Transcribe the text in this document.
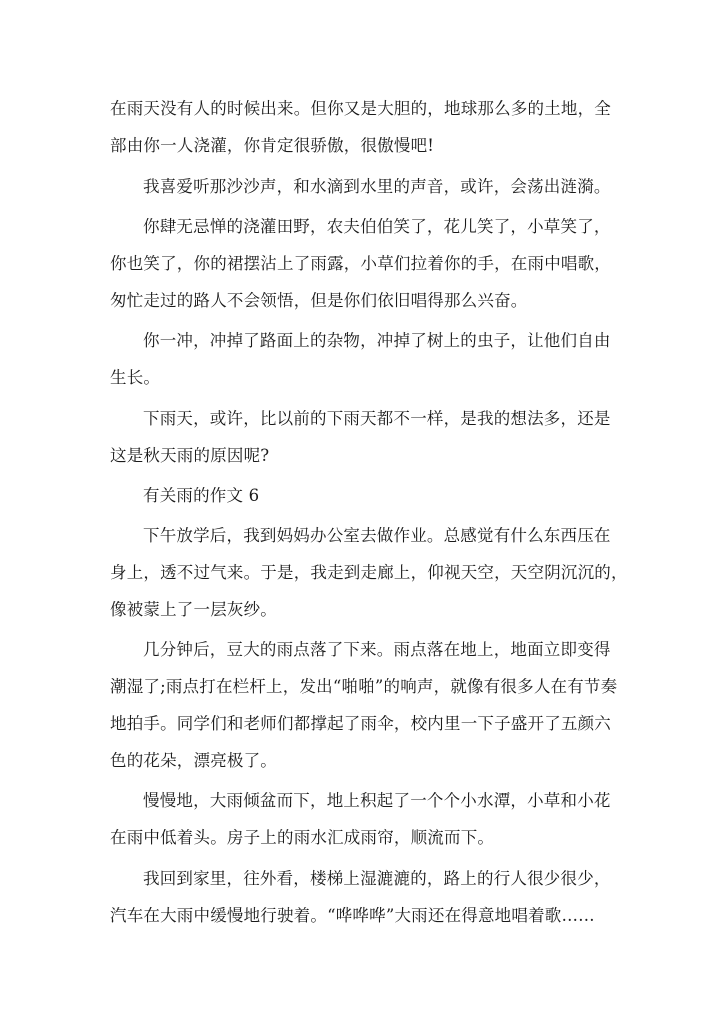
在雨天没有人的时候出来。但你又是大胆的，地球那么多的土地，全
部由你一人浇灌，你肯定很骄傲，很傲慢吧!
我喜爱听那沙沙声，和水滴到水里的声音，或许，会荡出涟漪。
你肆无忌惮的浇灌田野，农夫伯伯笑了，花儿笑了，小草笑了，
你也笑了，你的裙摆沾上了雨露，小草们拉着你的手，在雨中唱歌，
匆忙走过的路人不会领悟，但是你们依旧唱得那么兴奋。
你一冲，冲掉了路面上的杂物，冲掉了树上的虫子，让他们自由
生长。
下雨天，或许，比以前的下雨天都不一样，是我的想法多，还是
这是秋天雨的原因呢?
有关雨的作文 6
下午放学后，我到妈妈办公室去做作业。总感觉有什么东西压在
身上，透不过气来。于是，我走到走廊上，仰视天空，天空阴沉沉的，
像被蒙上了一层灰纱。
几分钟后，豆大的雨点落了下来。雨点落在地上，地面立即变得
潮湿了;雨点打在栏杆上，发出“啪啪”的响声，就像有很多人在有节奏
地拍手。同学们和老师们都撑起了雨伞，校内里一下子盛开了五颜六
色的花朵，漂亮极了。
慢慢地，大雨倾盆而下，地上积起了一个个小水潭，小草和小花
在雨中低着头。房子上的雨水汇成雨帘，顺流而下。
我回到家里，往外看，楼梯上湿漉漉的，路上的行人很少很少，
汽车在大雨中缓慢地行驶着。“哗哗哗”大雨还在得意地唱着歌……
